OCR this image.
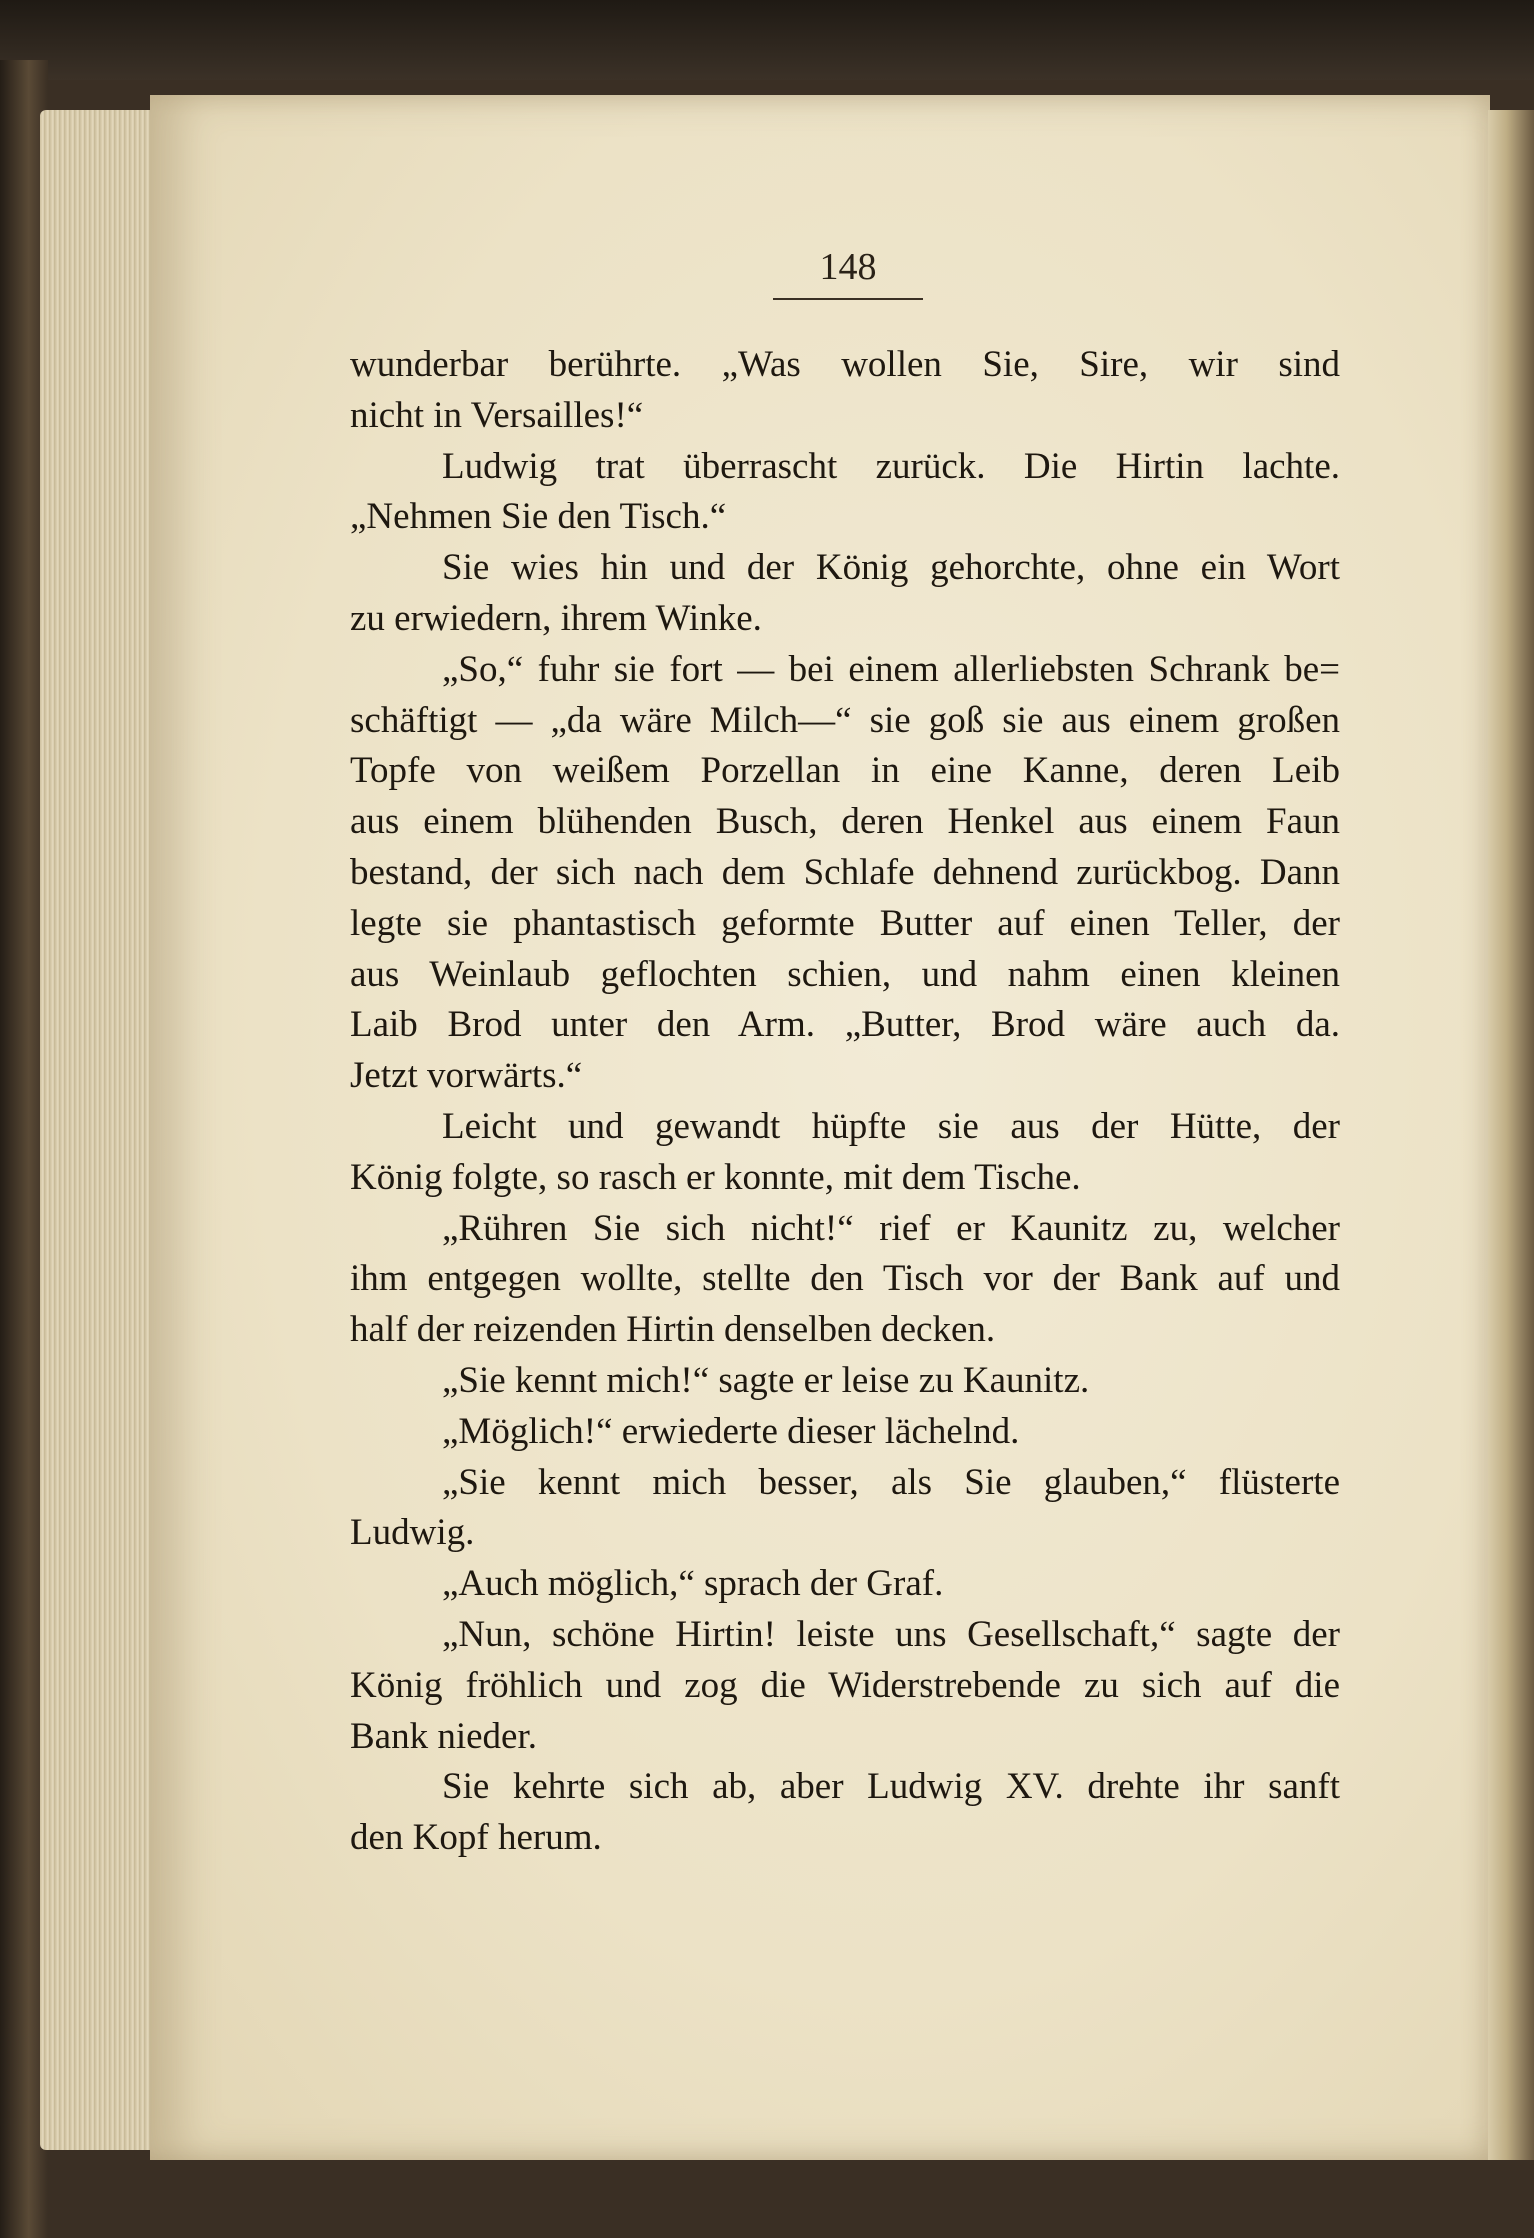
148
wunderbar berührte. „Was wollen Sie, Sire, wir sind
nicht in Versailles!“
Ludwig trat überrascht zurück. Die Hirtin lachte.
„Nehmen Sie den Tisch.“
Sie wies hin und der König gehorchte, ohne ein Wort
zu erwiedern, ihrem Winke.
„So,“ fuhr sie fort — bei einem allerliebsten Schrank be=
schäftigt — „da wäre Milch—“ sie goß sie aus einem großen
Topfe von weißem Porzellan in eine Kanne, deren Leib
aus einem blühenden Busch, deren Henkel aus einem Faun
bestand, der sich nach dem Schlafe dehnend zurückbog. Dann
legte sie phantastisch geformte Butter auf einen Teller, der
aus Weinlaub geflochten schien, und nahm einen kleinen
Laib Brod unter den Arm. „Butter, Brod wäre auch da.
Jetzt vorwärts.“
Leicht und gewandt hüpfte sie aus der Hütte, der
König folgte, so rasch er konnte, mit dem Tische.
„Rühren Sie sich nicht!“ rief er Kaunitz zu, welcher
ihm entgegen wollte, stellte den Tisch vor der Bank auf und
half der reizenden Hirtin denselben decken.
„Sie kennt mich!“ sagte er leise zu Kaunitz.
„Möglich!“ erwiederte dieser lächelnd.
„Sie kennt mich besser, als Sie glauben,“ flüsterte
Ludwig.
„Auch möglich,“ sprach der Graf.
„Nun, schöne Hirtin! leiste uns Gesellschaft,“ sagte der
König fröhlich und zog die Widerstrebende zu sich auf die
Bank nieder.
Sie kehrte sich ab, aber Ludwig XV. drehte ihr sanft
den Kopf herum.
